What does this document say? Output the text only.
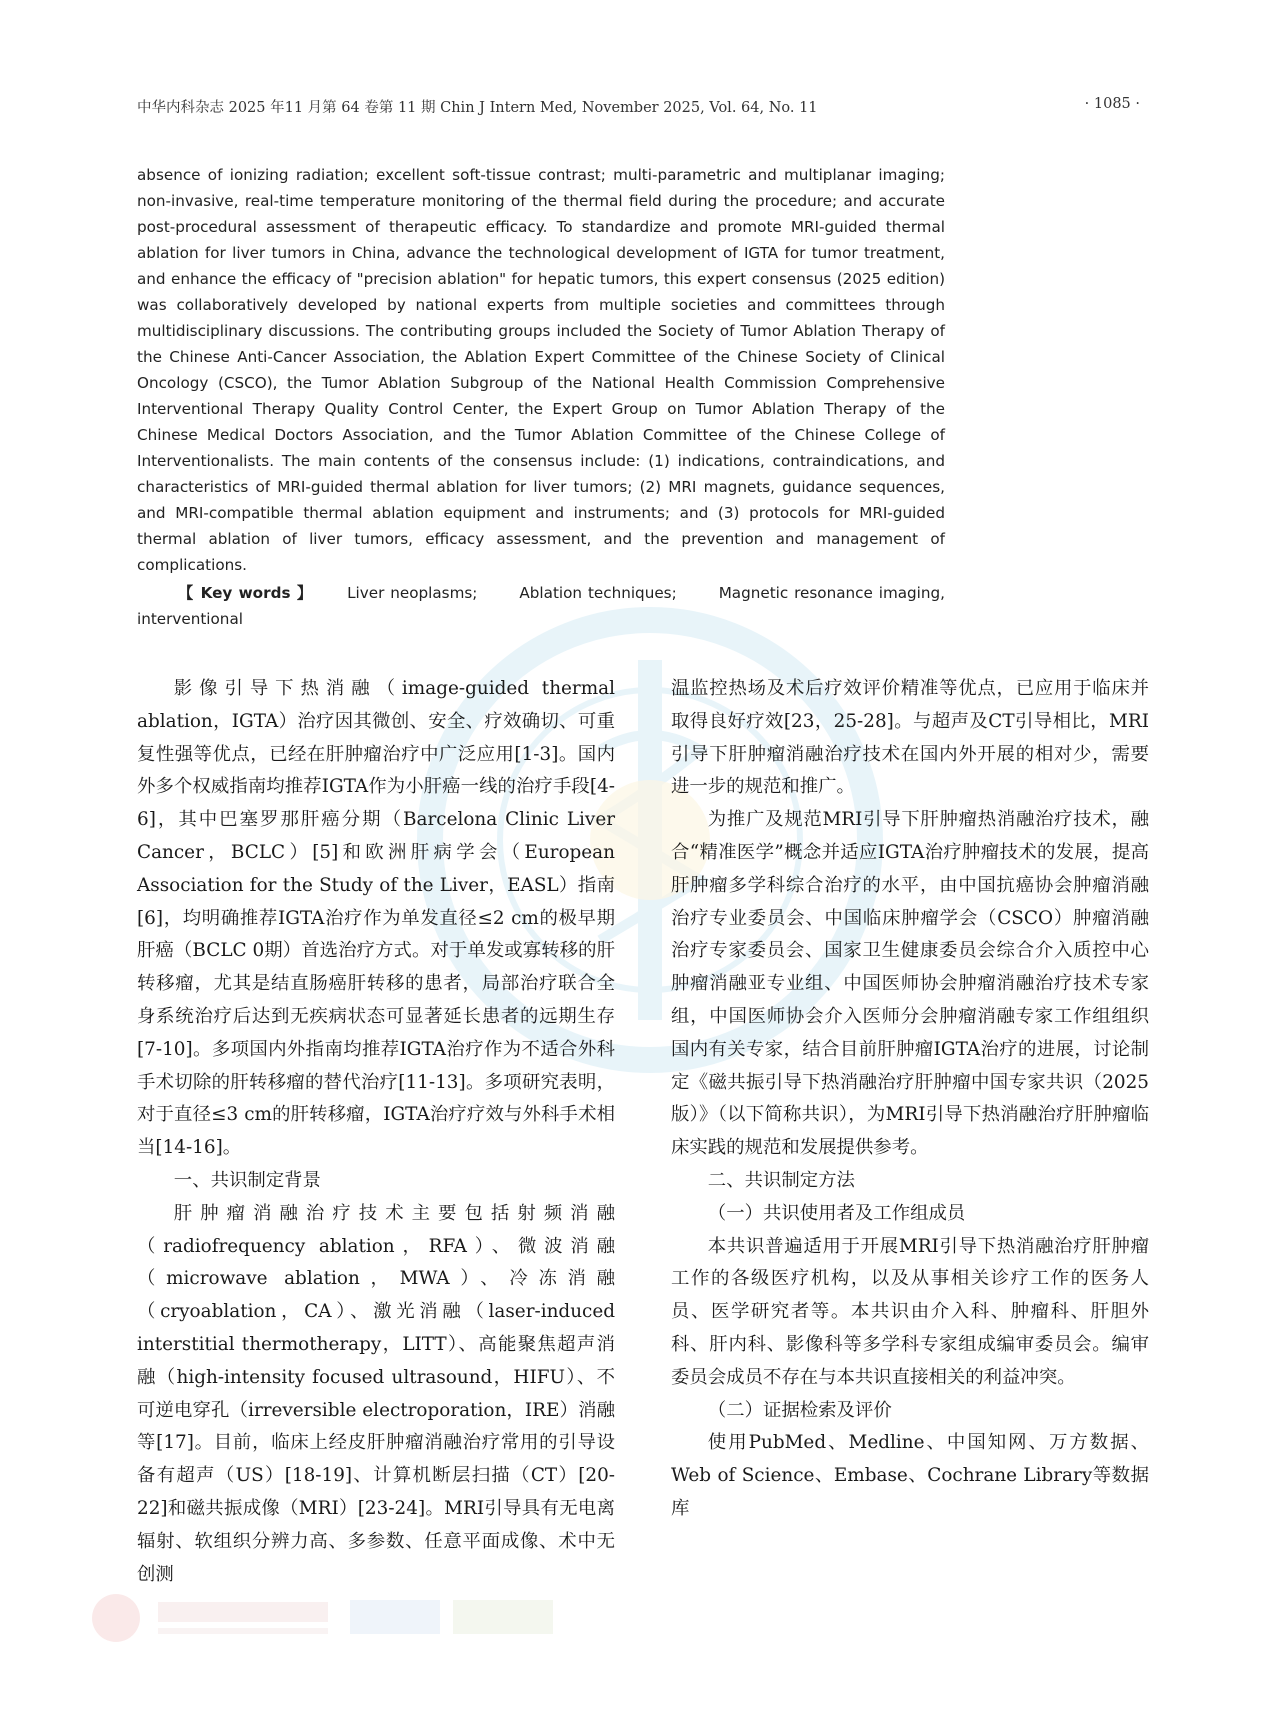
中华内科杂志 2025 年11 月第 64 卷第 11 期 Chin J Intern Med, November 2025, Vol. 64, No. 11	· 1085 ·

absence of ionizing radiation; excellent soft-tissue contrast; multi-parametric and multiplanar imaging; non-invasive, real-time temperature monitoring of the thermal field during the procedure; and accurate post-procedural assessment of therapeutic efficacy. To standardize and promote MRI-guided thermal ablation for liver tumors in China, advance the technological development of IGTA for tumor treatment, and enhance the efficacy of "precision ablation" for hepatic tumors, this expert consensus (2025 edition) was collaboratively developed by national experts from multiple societies and committees through multidisciplinary discussions. The contributing groups included the Society of Tumor Ablation Therapy of the Chinese Anti-Cancer Association, the Ablation Expert Committee of the Chinese Society of Clinical Oncology (CSCO), the Tumor Ablation Subgroup of the National Health Commission Comprehensive Interventional Therapy Quality Control Center, the Expert Group on Tumor Ablation Therapy of the Chinese Medical Doctors Association, and the Tumor Ablation Committee of the Chinese College of Interventionalists. The main contents of the consensus include: (1) indications, contraindications, and characteristics of MRI-guided thermal ablation for liver tumors; (2) MRI magnets, guidance sequences, and MRI-compatible thermal ablation equipment and instruments; and (3) protocols for MRI-guided thermal ablation of liver tumors, efficacy assessment, and the prevention and management of complications.

【 Key words 】 Liver neoplasms;	Ablation techniques;	Magnetic resonance imaging, interventional

影像引导下热消融（image-guided thermal ablation，IGTA）治疗因其微创、安全、疗效确切、可重复性强等优点，已经在肝肿瘤治疗中广泛应用[1-3]。国内外多个权威指南均推荐IGTA作为小肝癌一线的治疗手段[4-6]，其中巴塞罗那肝癌分期（Barcelona Clinic Liver Cancer，BCLC）[5]和欧洲肝病学会（European Association for the Study of the Liver，EASL）指南[6]，均明确推荐IGTA治疗作为单发直径≤2 cm的极早期肝癌（BCLC 0期）首选治疗方式。对于单发或寡转移的肝转移瘤，尤其是结直肠癌肝转移的患者，局部治疗联合全身系统治疗后达到无疾病状态可显著延长患者的远期生存[7-10]。多项国内外指南均推荐IGTA治疗作为不适合外科手术切除的肝转移瘤的替代治疗[11-13]。多项研究表明，对于直径≤3 cm的肝转移瘤，IGTA治疗疗效与外科手术相当[14-16]。

一、共识制定背景

肝肿瘤消融治疗技术主要包括射频消融（radiofrequency ablation，RFA）、微波消融（microwave ablation，MWA）、冷冻消融（cryoablation，CA）、激光消融（laser-induced interstitial thermotherapy，LITT）、高能聚焦超声消融（high-intensity focused ultrasound，HIFU）、不可逆电穿孔（irreversible electroporation，IRE）消融等[17]。目前，临床上经皮肝肿瘤消融治疗常用的引导设备有超声（US）[18-19]、计算机断层扫描（CT）[20-22]和磁共振成像（MRI）[23-24]。MRI引导具有无电离辐射、软组织分辨力高、多参数、任意平面成像、术中无创测

温监控热场及术后疗效评价精准等优点，已应用于临床并取得良好疗效[23，25-28]。与超声及CT引导相比，MRI引导下肝肿瘤消融治疗技术在国内外开展的相对少，需要进一步的规范和推广。

为推广及规范MRI引导下肝肿瘤热消融治疗技术，融合“精准医学”概念并适应IGTA治疗肿瘤技术的发展，提高肝肿瘤多学科综合治疗的水平，由中国抗癌协会肿瘤消融治疗专业委员会、中国临床肿瘤学会（CSCO）肿瘤消融治疗专家委员会、国家卫生健康委员会综合介入质控中心肿瘤消融亚专业组、中国医师协会肿瘤消融治疗技术专家组，中国医师协会介入医师分会肿瘤消融专家工作组组织国内有关专家，结合目前肝肿瘤IGTA治疗的进展，讨论制定《磁共振引导下热消融治疗肝肿瘤中国专家共识（2025版）》（以下简称共识），为MRI引导下热消融治疗肝肿瘤临床实践的规范和发展提供参考。

二、共识制定方法
（一）共识使用者及工作组成员

本共识普遍适用于开展MRI引导下热消融治疗肝肿瘤工作的各级医疗机构，以及从事相关诊疗工作的医务人员、医学研究者等。本共识由介入科、肿瘤科、肝胆外科、肝内科、影像科等多学科专家组成编审委员会。编审委员会成员不存在与本共识直接相关的利益冲突。

（二）证据检索及评价

使用PubMed、Medline、中国知网、万方数据、Web of Science、Embase、Cochrane Library等数据库
